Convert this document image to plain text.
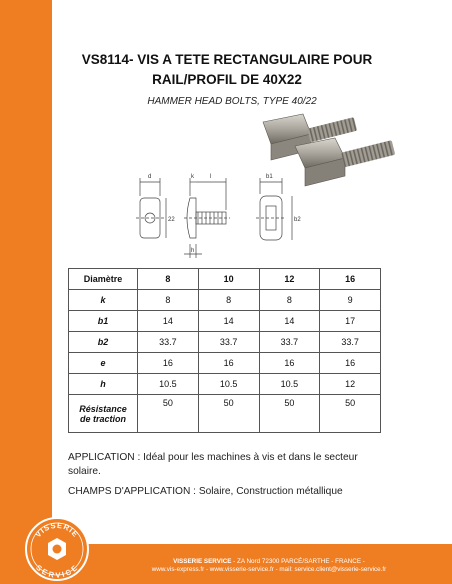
VS8114- VIS A TETE RECTANGULAIRE POUR
RAIL/PROFIL DE 40X22
HAMMER HEAD BOLTS, TYPE 40/22
d
22
k	l
h
b1
b2
Diamètre	8	10	12	16
k	8	8	8	9
b1	14	14	14	17
b2	33.7	33.7	33.7	33.7
e	16	16	16	16
h	10.5	10.5	10.5	12
Résistance
de traction	50	50	50	50
APPLICATION : Idéal pour les machines à vis et dans le secteur solaire.
CHAMPS D'APPLICATION : Solaire, Construction métallique
VISSERIE
SERVICE
VISSERIE SERVICE - ZA Nord 72300 PARCÉ/SARTHE - FRANCE -
www.vis-express.fr - www.visserie-service.fr - mail: service.client@visserie-service.fr
